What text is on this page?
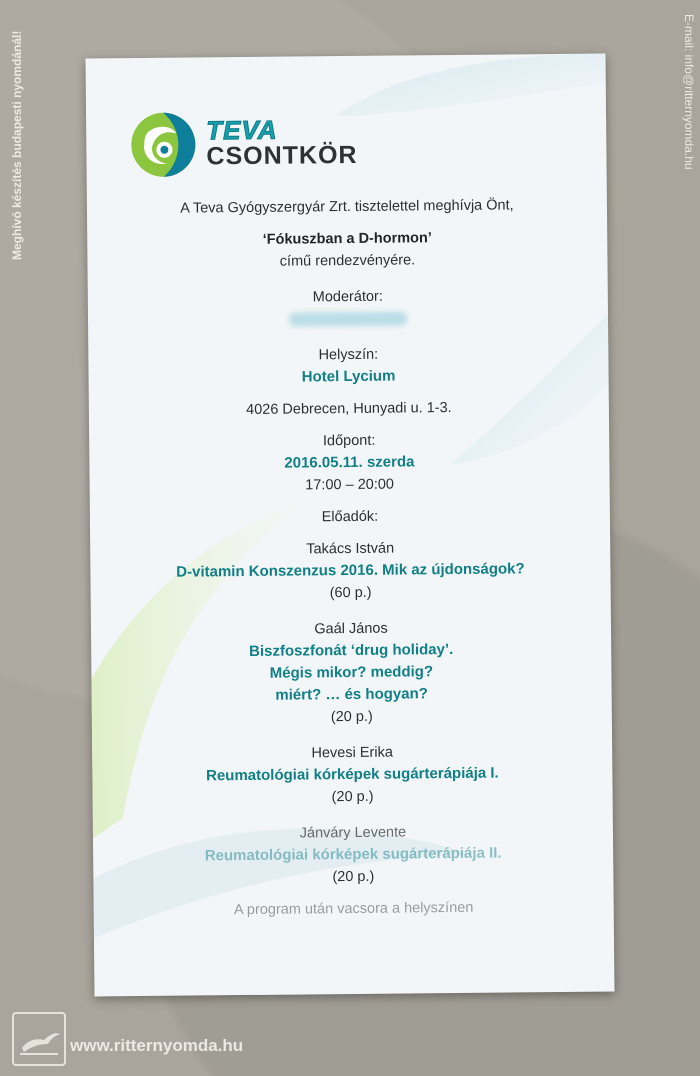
Meghívó készítés budapesti nyomdánál!	E-mail: info@ritternyomda.hu
TEVA
CSONTKÖR
A Teva Gyógyszergyár Zrt. tisztelettel meghívja Önt,
‘Fókuszban a D-hormon’
című rendezvényére.
Moderátor:
Helyszín:
Hotel Lycium
4026 Debrecen, Hunyadi u. 1-3.
Időpont:
2016.05.11. szerda
17:00 – 20:00
Előadók:
Takács István
D-vitamin Konszenzus 2016. Mik az újdonságok?
(60 p.)
Gaál János
Biszfoszfonát ‘drug holiday’.
Mégis mikor? meddig?
miért? … és hogyan?
(20 p.)
Hevesi Erika
Reumatológiai kórképek sugárterápiája I.
(20 p.)
Jánváry Levente
Reumatológiai kórképek sugárterápiája II.
(20 p.)
A program után vacsora a helyszínen
www.ritternyomda.hu
